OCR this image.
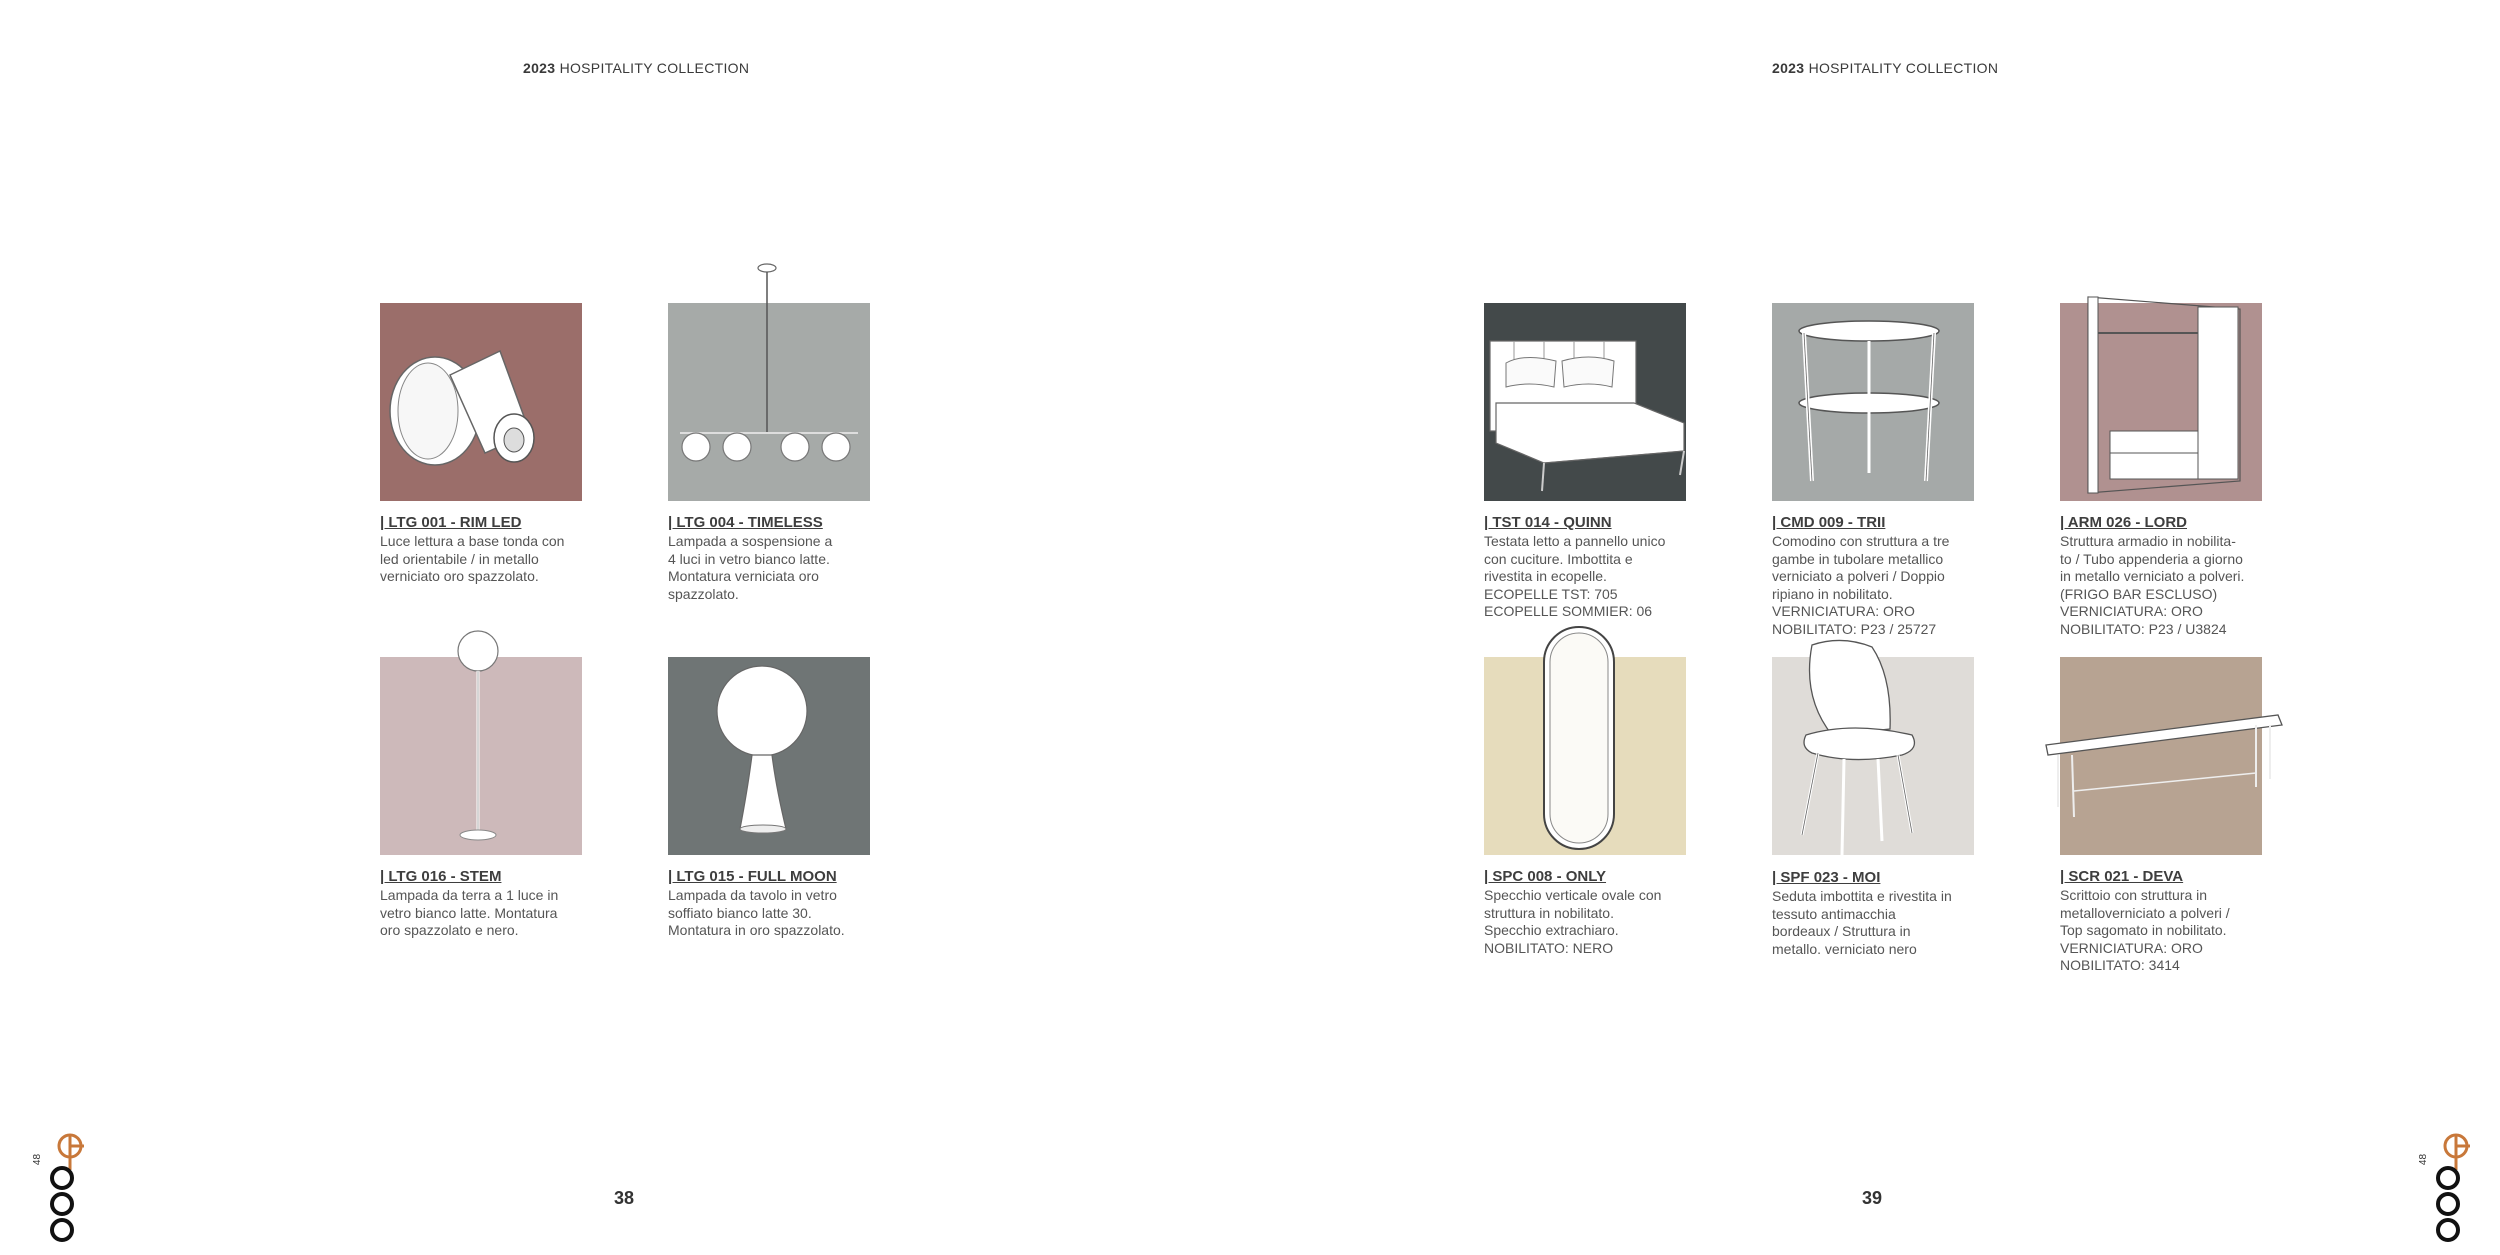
2023 HOSPITALITY COLLECTION	2023 HOSPITALITY COLLECTION
| LTG 001 - RIM LED
Luce lettura a base tonda con
led orientabile / in metallo
verniciato oro spazzolato.
| LTG 004 - TIMELESS
Lampada a sospensione a
4 luci in vetro bianco latte.
Montatura verniciata oro
spazzolato.
| LTG 016 - STEM
Lampada da terra a 1 luce in
vetro bianco latte. Montatura
oro spazzolato e nero.
| LTG 015 - FULL MOON
Lampada da tavolo in vetro
soffiato bianco latte 30.
Montatura in oro spazzolato.
| TST 014 - QUINN
Testata letto a pannello unico
con cuciture. Imbottita e
rivestita in ecopelle.
ECOPELLE TST: 705
ECOPELLE SOMMIER: 06
| CMD 009 - TRII
Comodino con struttura a tre
gambe in tubolare metallico
verniciato a polveri / Doppio
ripiano in nobilitato.
VERNICIATURA: ORO
NOBILITATO: P23 / 25727
| ARM 026 - LORD
Struttura armadio in nobilita-
to / Tubo appenderia a giorno
in metallo verniciato a polveri.
(FRIGO BAR ESCLUSO)
VERNICIATURA: ORO
NOBILITATO: P23 / U3824
| SPC 008 - ONLY
Specchio verticale ovale con
struttura in nobilitato.
Specchio extrachiaro.
NOBILITATO: NERO
| SPF 023 - MOI
Seduta imbottita e rivestita in
tessuto antimacchia
bordeaux / Struttura in
metallo. verniciato nero
| SCR 021 - DEVA
Scrittoio con struttura in
metalloverniciato a polveri /
Top sagomato in nobilitato.
VERNICIATURA: ORO
NOBILITATO: 3414
38	39
48	48
